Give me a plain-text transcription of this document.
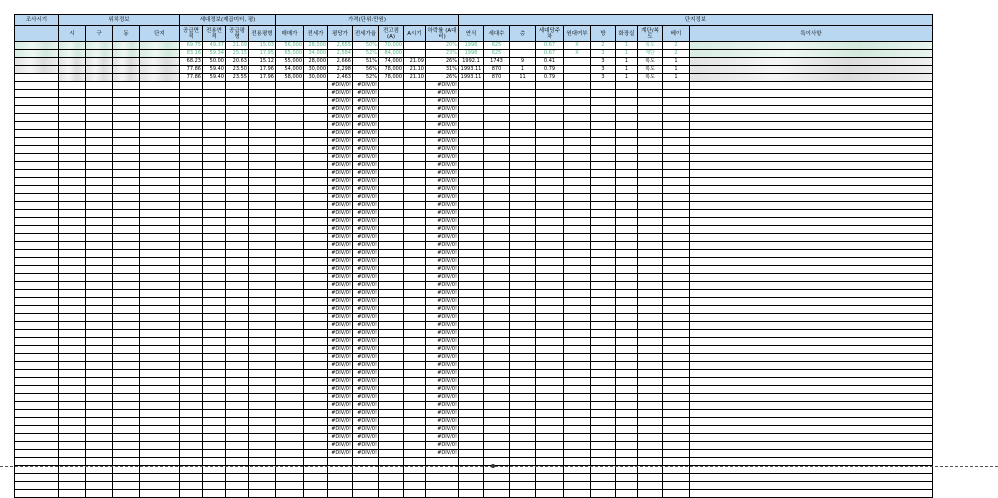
조사시기	위치정보				세대정보(제곱미터, 평)				가격(단위:만원)							단지정보									
	시	구	동	단지	공급면적	전용면적	공급평형	전용평형	매매가	전세가	평당가	전세가율	전고점(A)	A시기	하락률 (A대비)	연식	세대수	층	세대당주차	원대여부	방	화장실	계단/복도	베이	특이사항
					69.75	49.37	21.09	15.03	56,000	28,000	2,655	50%	70,000		20%	1998	625		0.67	X	2	1	복도	2	
					83.16	59.34	25.15	17.95	65,000	34,000	2,584	52%	84,000		23%	1998	625		0.67	X	3	1	계단	2	
					68.23	50.00	20.63	15.12	55,000	28,000	2,666	51%	74,000	21.09	26%	1992.1	1743	9	0.41		3	1	복도	1	
					77.86	59.40	23.50	17.96	54,000	30,000	2,298	56%	78,000	21.10	31%	1993.11	870	1	0.79		3	1	복도	1	
					77.86	59.40	23.55	17.96	58,000	30,000	2,463	52%	78,000	21.10	26%	1993.11	870	11	0.79		3	1	복도	1	
											#DIV/0!	#DIV/0!			#DIV/0!										
											#DIV/0!	#DIV/0!			#DIV/0!										
											#DIV/0!	#DIV/0!			#DIV/0!										
											#DIV/0!	#DIV/0!			#DIV/0!										
											#DIV/0!	#DIV/0!			#DIV/0!										
											#DIV/0!	#DIV/0!			#DIV/0!										
											#DIV/0!	#DIV/0!			#DIV/0!										
											#DIV/0!	#DIV/0!			#DIV/0!										
											#DIV/0!	#DIV/0!			#DIV/0!										
											#DIV/0!	#DIV/0!			#DIV/0!										
											#DIV/0!	#DIV/0!			#DIV/0!										
											#DIV/0!	#DIV/0!			#DIV/0!										
											#DIV/0!	#DIV/0!			#DIV/0!										
											#DIV/0!	#DIV/0!			#DIV/0!										
											#DIV/0!	#DIV/0!			#DIV/0!										
											#DIV/0!	#DIV/0!			#DIV/0!										
											#DIV/0!	#DIV/0!			#DIV/0!										
											#DIV/0!	#DIV/0!			#DIV/0!										
											#DIV/0!	#DIV/0!			#DIV/0!										
											#DIV/0!	#DIV/0!			#DIV/0!										
											#DIV/0!	#DIV/0!			#DIV/0!										
											#DIV/0!	#DIV/0!			#DIV/0!										
											#DIV/0!	#DIV/0!			#DIV/0!										
											#DIV/0!	#DIV/0!			#DIV/0!										
											#DIV/0!	#DIV/0!			#DIV/0!										
											#DIV/0!	#DIV/0!			#DIV/0!										
											#DIV/0!	#DIV/0!			#DIV/0!										
											#DIV/0!	#DIV/0!			#DIV/0!										
											#DIV/0!	#DIV/0!			#DIV/0!										
											#DIV/0!	#DIV/0!			#DIV/0!										
											#DIV/0!	#DIV/0!			#DIV/0!										
											#DIV/0!	#DIV/0!			#DIV/0!										
											#DIV/0!	#DIV/0!			#DIV/0!										
											#DIV/0!	#DIV/0!			#DIV/0!										
											#DIV/0!	#DIV/0!			#DIV/0!										
											#DIV/0!	#DIV/0!			#DIV/0!										
											#DIV/0!	#DIV/0!			#DIV/0!										
											#DIV/0!	#DIV/0!			#DIV/0!										
											#DIV/0!	#DIV/0!			#DIV/0!										
											#DIV/0!	#DIV/0!			#DIV/0!										
											#DIV/0!	#DIV/0!			#DIV/0!										
											#DIV/0!	#DIV/0!			#DIV/0!										
											#DIV/0!	#DIV/0!			#DIV/0!										
											#DIV/0!	#DIV/0!			#DIV/0!										
											#DIV/0!	#DIV/0!			#DIV/0!										
											#DIV/0!	#DIV/0!			#DIV/0!										
											#DIV/0!	#DIV/0!			#DIV/0!										
